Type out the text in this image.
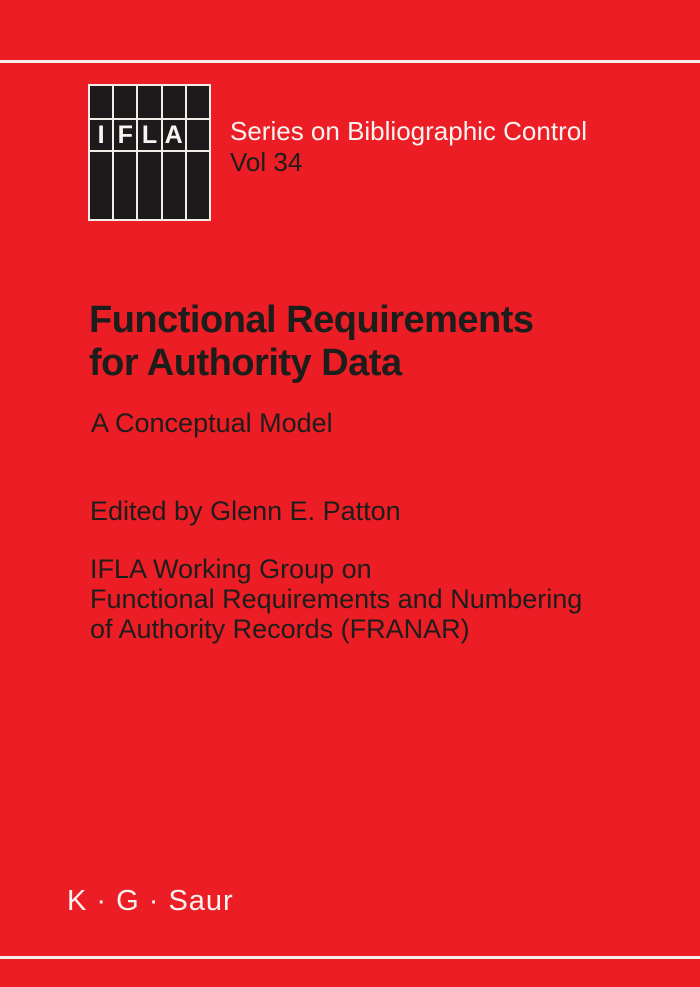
I F L A Series on Bibliographic Control
Vol 34
Functional Requirements
for Authority Data
A Conceptual Model
Edited by Glenn E. Patton
IFLA Working Group on
Functional Requirements and Numbering
of Authority Records (FRANAR)
K · G · Saur
